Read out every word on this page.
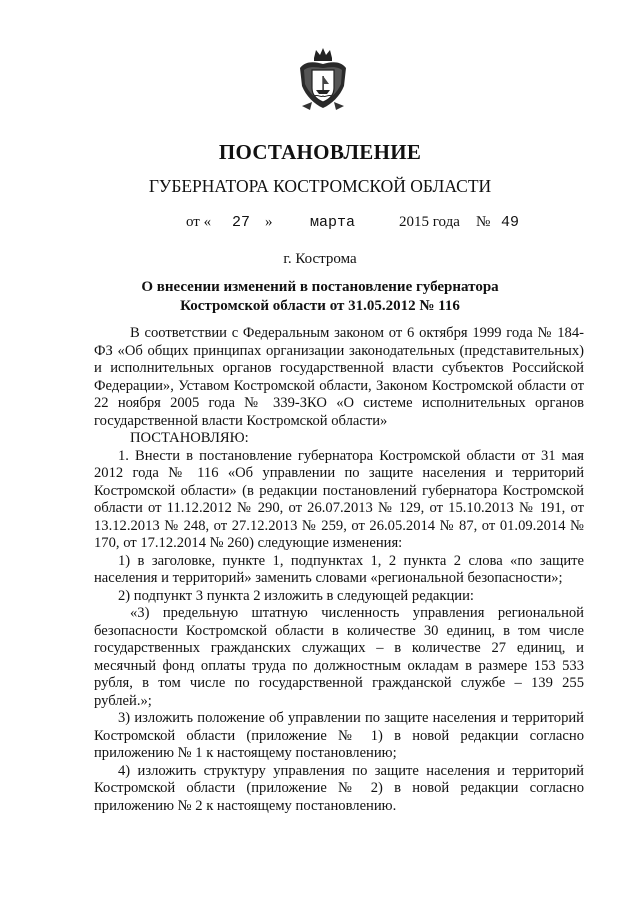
ПОСТАНОВЛЕНИЕ
ГУБЕРНАТОРА КОСТРОМСКОЙ ОБЛАСТИ
от « 27 »	марта	2015 года № 49
г. Кострома
О внесении изменений в постановление губернатора
Костромской области от 31.05.2012 № 116

В соответствии с Федеральным законом от 6 октября 1999 года № 184-ФЗ «Об общих принципах организации законодательных (представительных) и исполнительных органов государственной власти субъектов Российской Федерации», Уставом Костромской области, Законом Костромской области от 22 ноября 2005 года № 339-ЗКО «О системе исполнительных органов государственной власти Костромской области»

ПОСТАНОВЛЯЮ:

1. Внести в постановление губернатора Костромской области от 31 мая 2012 года № 116 «Об управлении по защите населения и территорий Костромской области» (в редакции постановлений губернатора Костромской области от 11.12.2012 № 290, от 26.07.2013 № 129, от 15.10.2013 № 191, от 13.12.2013 № 248, от 27.12.2013 № 259, от 26.05.2014 № 87, от 01.09.2014 № 170, от 17.12.2014 № 260) следующие изменения:

1) в заголовке, пункте 1, подпунктах 1, 2 пункта 2 слова «по защите населения и территорий» заменить словами «региональной безопасности»;

2) подпункт 3 пункта 2 изложить в следующей редакции:

«3) предельную штатную численность управления региональной безопасности Костромской области в количестве 30 единиц, в том числе государственных гражданских служащих – в количестве 27 единиц, и месячный фонд оплаты труда по должностным окладам в размере 153 533 рубля, в том числе по государственной гражданской службе – 139 255 рублей.»;

3) изложить положение об управлении по защите населения и территорий Костромской области (приложение № 1) в новой редакции согласно приложению № 1 к настоящему постановлению;

4) изложить структуру управления по защите населения и территорий Костромской области (приложение № 2) в новой редакции согласно приложению № 2 к настоящему постановлению.
